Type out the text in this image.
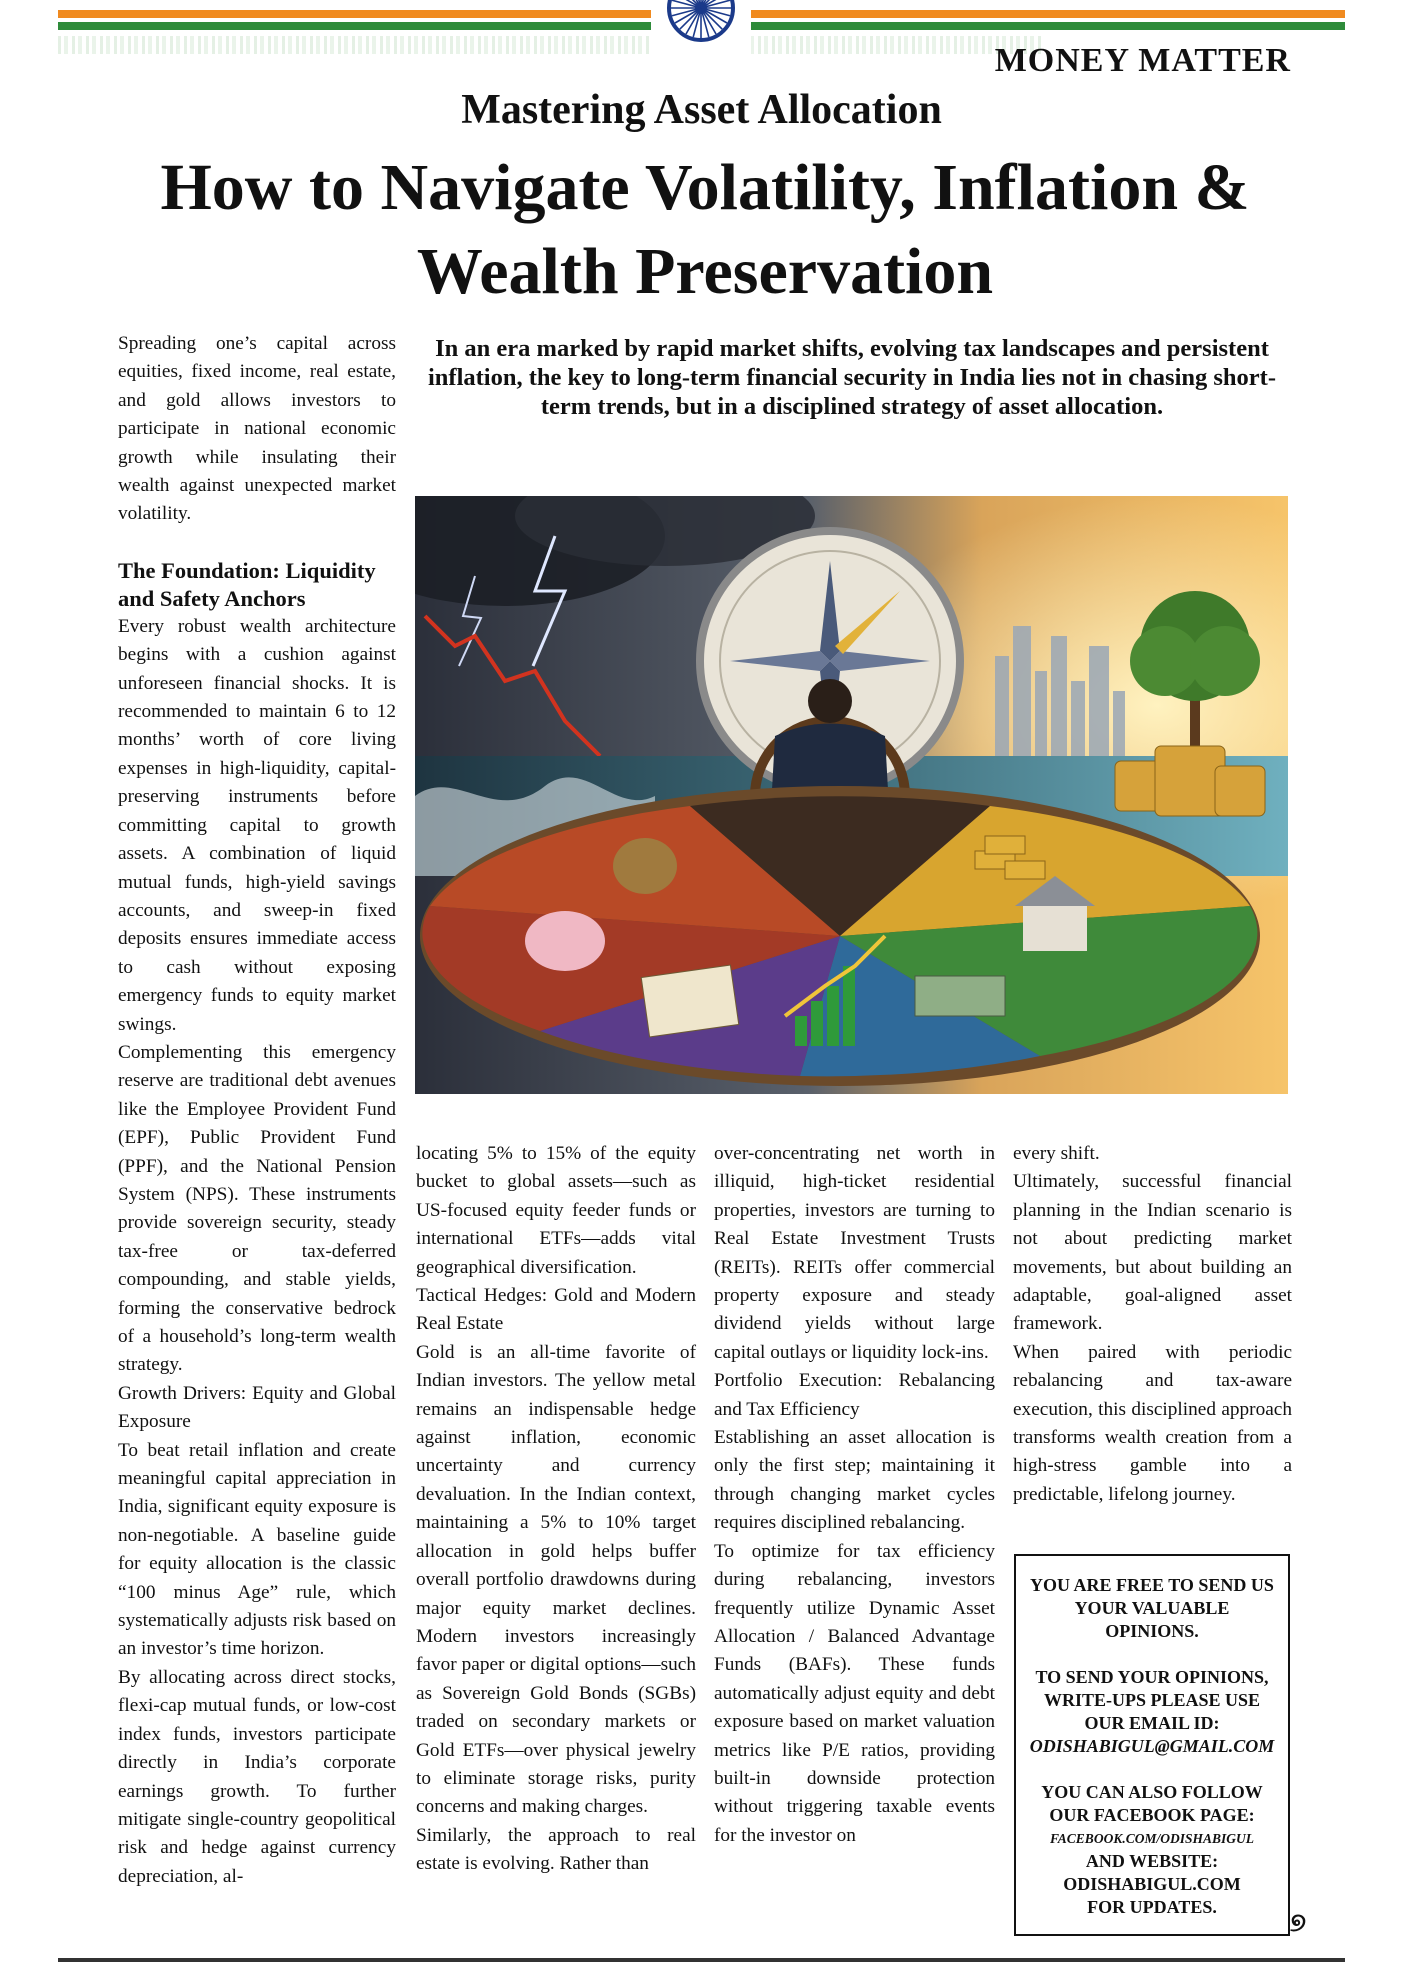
MONEY MATTER
Mastering Asset Allocation
How to Navigate Volatility, Inflation &
Wealth Preservation
In an era marked by rapid market shifts, evolving tax landscapes and persistent inflation, the key to long-term financial security in India lies not in chasing short-term trends, but in a disciplined strategy of asset allocation.

Spreading one’s capital across equities, fixed income, real estate, and gold allows investors to participate in national economic growth while insulating their wealth against unexpected market volatility.

The Foundation: Liquidity and Safety Anchors

Every robust wealth architecture begins with a cushion against unforeseen financial shocks. It is recommended to maintain 6 to 12 months’ worth of core living expenses in high-liquidity, capital-preserving instruments before committing capital to growth assets. A combination of liquid mutual funds, high-yield savings accounts, and sweep-in fixed deposits ensures immediate access to cash without exposing emergency funds to equity market swings.

Complementing this emergency reserve are traditional debt avenues like the Employee Provident Fund (EPF), Public Provident Fund (PPF), and the National Pension System (NPS). These instruments provide sovereign security, steady tax-free or tax-deferred compounding, and stable yields, forming the conservative bedrock of a household’s long-term wealth strategy.

Growth Drivers: Equity and Global Exposure

To beat retail inflation and create meaningful capital appreciation in India, significant equity exposure is non-negotiable. A baseline guide for equity allocation is the classic “100 minus Age” rule, which systematically adjusts risk based on an investor’s time horizon.

By allocating across direct stocks, flexi-cap mutual funds, or low-cost index funds, investors participate directly in India’s corporate earnings growth. To further mitigate single-country geopolitical risk and hedge against currency depreciation, al-

locating 5% to 15% of the equity bucket to global assets—such as US-focused equity feeder funds or international ETFs—adds vital geographical diversification.

Tactical Hedges: Gold and Modern Real Estate

Gold is an all-time favorite of Indian investors. The yellow metal remains an indispensable hedge against inflation, economic uncertainty and currency devaluation. In the Indian context, maintaining a 5% to 10% target allocation in gold helps buffer overall portfolio drawdowns during major equity market declines. Modern investors increasingly favor paper or digital options—such as Sovereign Gold Bonds (SGBs) traded on secondary markets or Gold ETFs—over physical jewelry to eliminate storage risks, purity concerns and making charges.

Similarly, the approach to real estate is evolving. Rather than

over-concentrating net worth in illiquid, high-ticket residential properties, investors are turning to Real Estate Investment Trusts (REITs). REITs offer commercial property exposure and steady dividend yields without large capital outlays or liquidity lock-ins.

Portfolio Execution: Rebalancing and Tax Efficiency

Establishing an asset allocation is only the first step; maintaining it through changing market cycles requires disciplined rebalancing.

To optimize for tax efficiency during rebalancing, investors frequently utilize Dynamic Asset Allocation / Balanced Advantage Funds (BAFs). These funds automatically adjust equity and debt exposure based on market valuation metrics like P/E ratios, providing built-in downside protection without triggering taxable events for the investor on

every shift.

Ultimately, successful financial planning in the Indian scenario is not about predicting market movements, but about building an adaptable, goal-aligned asset framework.

When paired with periodic rebalancing and tax-aware execution, this disciplined approach transforms wealth creation from a high-stress gamble into a predictable, lifelong journey.

YOU ARE FREE TO SEND US YOUR VALUABLE OPINIONS.

TO SEND YOUR OPINIONS, WRITE-UPS PLEASE USE OUR EMAIL ID:
ODISHABIGUL@GMAIL.COM

YOU CAN ALSO FOLLOW OUR FACEBOOK PAGE:
FACEBOOK.COM/ODISHABIGUL
AND WEBSITE:
ODISHABIGUL.COM
FOR UPDATES.

୭
